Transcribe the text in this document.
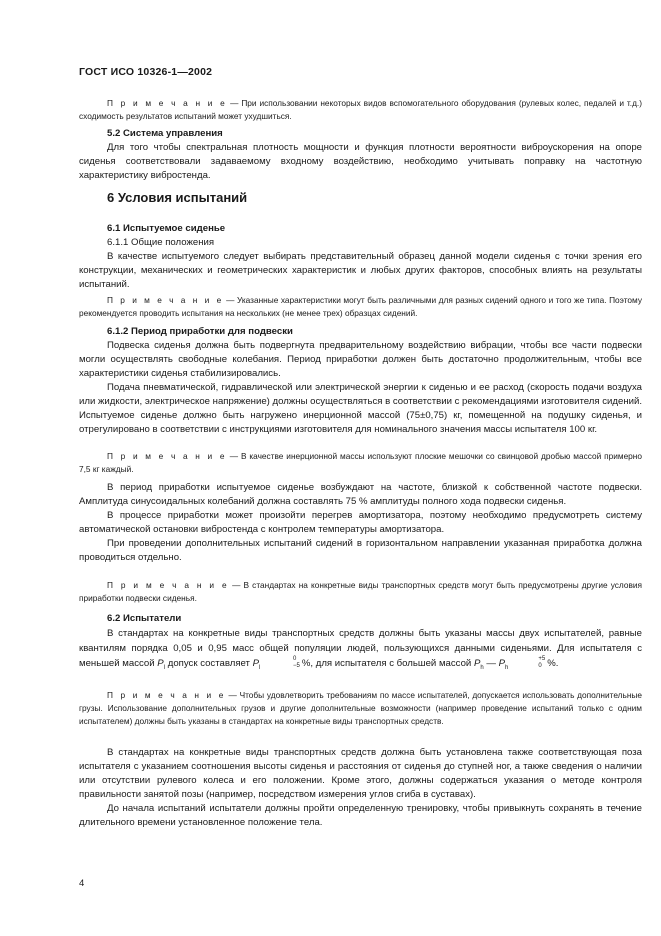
ГОСТ ИСО 10326-1—2002

П р и м е ч а н и е — При использовании некоторых видов вспомогательного оборудования (рулевых колес, педалей и т.д.) сходимость результатов испытаний может ухудшиться.

5.2 Система управления

Для того чтобы спектральная плотность мощности и функция плотности вероятности виброускорения на опоре сиденья соответствовали задаваемому входному воздействию, необходимо учитывать поправку на частотную характеристику вибростенда.

6 Условия испытаний

6.1 Испытуемое сиденье

6.1.1 Общие положения

В качестве испытуемого следует выбирать представительный образец данной модели сиденья с точки зрения его конструкции, механических и геометрических характеристик и любых других факторов, способных влиять на результаты испытаний.

П р и м е ч а н и е — Указанные характеристики могут быть различными для разных сидений одного и того же типа. Поэтому рекомендуется проводить испытания на нескольких (не менее трех) образцах сидений.

6.1.2 Период приработки для подвески

Подвеска сиденья должна быть подвергнута предварительному воздействию вибрации, чтобы все части подвески могли осуществлять свободные колебания. Период приработки должен быть достаточно продолжительным, чтобы все характеристики сиденья стабилизировались.

Подача пневматической, гидравлической или электрической энергии к сиденью и ее расход (скорость подачи воздуха или жидкости, электрическое напряжение) должны осуществляться в соответствии с рекомендациями изготовителя сидений. Испытуемое сиденье должно быть нагружено инерционной массой (75±0,75) кг, помещенной на подушку сиденья, и отрегулировано в соответствии с инструкциями изготовителя для номинального значения массы испытателя 100 кг.

П р и м е ч а н и е — В качестве инерционной массы используют плоские мешочки со свинцовой дробью массой примерно 7,5 кг каждый.

В период приработки испытуемое сиденье возбуждают на частоте, близкой к собственной частоте подвески. Амплитуда синусоидальных колебаний должна составлять 75 % амплитуды полного хода подвески сиденья.

В процессе приработки может произойти перегрев амортизатора, поэтому необходимо предусмотреть систему автоматической остановки вибростенда с контролем температуры амортизатора.

При проведении дополнительных испытаний сидений в горизонтальном направлении указанная приработка должна проводиться отдельно.

П р и м е ч а н и е — В стандартах на конкретные виды транспортных средств могут быть предусмотрены другие условия приработки подвески сиденья.

6.2 Испытатели

В стандартах на конкретные виды транспортных средств должны быть указаны массы двух испытателей, равные квантилям порядка 0,05 и 0,95 масс общей популяции людей, пользующихся данными сиденьями. Для испытателя с меньшей массой $P_l$ допуск составляет $P_l$
0
−5 %, для испытателя с большей массой $P_h$ — $P_h$
+5
0 %.

П р и м е ч а н и е — Чтобы удовлетворить требованиям по массе испытателей, допускается использовать дополнительные грузы. Использование дополнительных грузов и другие дополнительные возможности (например проведение испытаний только с одним испытателем) должны быть указаны в стандартах на конкретные виды транспортных средств.

В стандартах на конкретные виды транспортных средств должна быть установлена также соответствующая поза испытателя с указанием соотношения высоты сиденья и расстояния от сиденья до ступней ног, а также сведения о наличии или отсутствии рулевого колеса и его положении. Кроме этого, должны содержаться указания о методе контроля правильности занятой позы (например, посредством измерения углов сгиба в суставах).

До начала испытаний испытатели должны пройти определенную тренировку, чтобы привыкнуть сохранять в течение длительного времени установленное положение тела.

4
